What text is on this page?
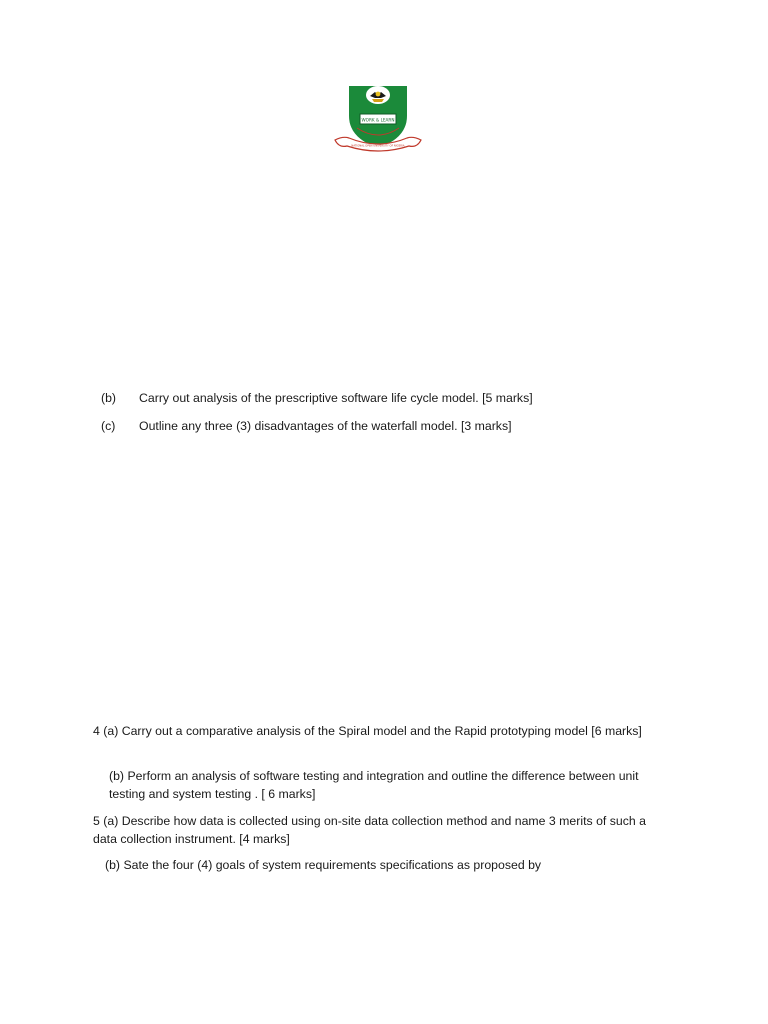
WORK & LEARN
NATIONAL OPEN UNIVERSITY OF NIGERIA
(b) Carry out analysis of the prescriptive software life cycle model. [5 marks]
(c) Outline any three (3) disadvantages of the waterfall model. [3 marks]
4 (a) Carry out a comparative analysis of the Spiral model and the Rapid prototyping model [6 marks]
(b) Perform an analysis of software testing and integration and outline the difference between unit testing and system testing . [ 6 marks]
5 (a) Describe how data is collected using on-site data collection method and name 3 merits of such a data collection instrument. [4 marks]
(b) Sate the four (4) goals of system requirements specifications as proposed by
